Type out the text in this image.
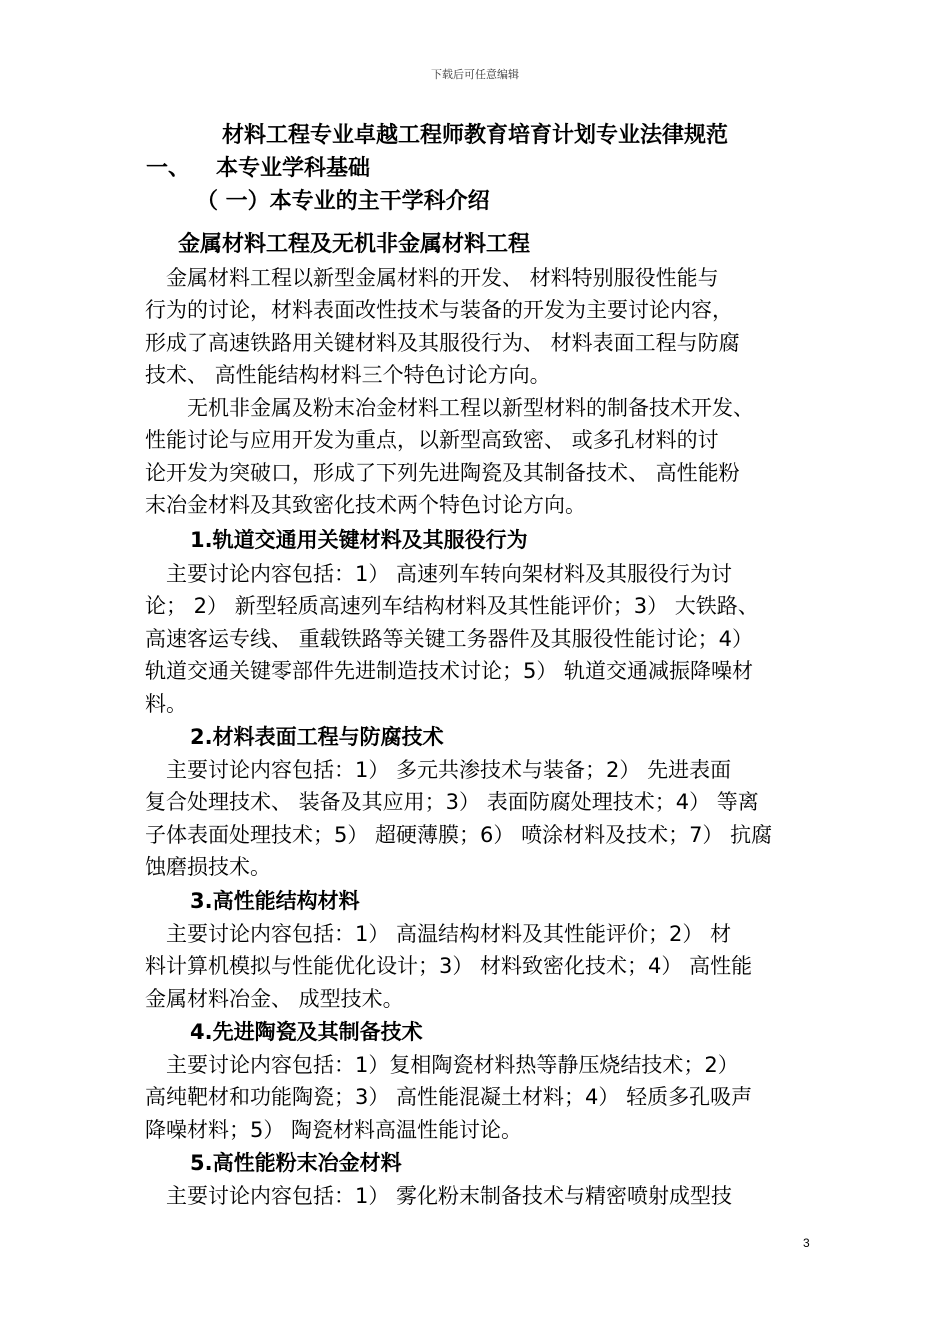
下载后可任意编辑
材料工程专业卓越工程师教育培育计划专业法律规范
一、 本专业学科基础
（ 一）本专业的主干学科介绍
金属材料工程及无机非金属材料工程
　金属材料工程以新型金属材料的开发、 材料特别服役性能与
行为的讨论，材料表面改性技术与装备的开发为主要讨论内容，
形成了高速铁路用关键材料及其服役行为、 材料表面工程与防腐
技术、 高性能结构材料三个特色讨论方向。
　　无机非金属及粉末冶金材料工程以新型材料的制备技术开发、
性能讨论与应用开发为重点，以新型高致密、 或多孔材料的讨
论开发为突破口，形成了下列先进陶瓷及其制备技术、 高性能粉
末冶金材料及其致密化技术两个特色讨论方向。
1.轨道交通用关键材料及其服役行为
　主要讨论内容包括：1） 高速列车转向架材料及其服役行为讨
论； 2） 新型轻质高速列车结构材料及其性能评价；3） 大铁路、
高速客运专线、 重载铁路等关键工务器件及其服役性能讨论；4）
轨道交通关键零部件先进制造技术讨论；5） 轨道交通减振降噪材
料。
2.材料表面工程与防腐技术
　主要讨论内容包括：1） 多元共渗技术与装备；2） 先进表面
复合处理技术、 装备及其应用；3） 表面防腐处理技术；4） 等离
子体表面处理技术；5） 超硬薄膜；6） 喷涂材料及技术；7） 抗腐
蚀磨损技术。
3.高性能结构材料
　主要讨论内容包括：1） 高温结构材料及其性能评价；2） 材
料计算机模拟与性能优化设计；3） 材料致密化技术；4） 高性能
金属材料冶金、 成型技术。
4.先进陶瓷及其制备技术
　主要讨论内容包括：1）复相陶瓷材料热等静压烧结技术；2）
高纯靶材和功能陶瓷；3） 高性能混凝土材料；4） 轻质多孔吸声
降噪材料；5） 陶瓷材料高温性能讨论。
5.高性能粉末冶金材料
　主要讨论内容包括：1） 雾化粉末制备技术与精密喷射成型技
3
